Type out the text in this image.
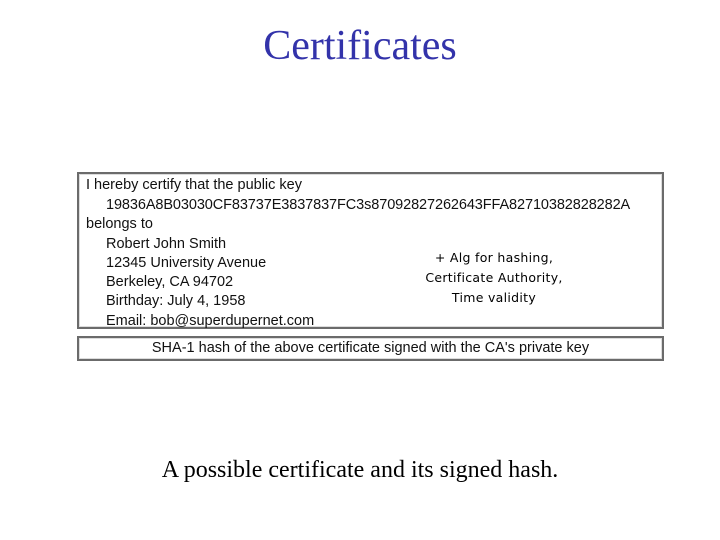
Certificates
I hereby certify that the public key
19836A8B03030CF83737E3837837FC3s87092827262643FFA82710382828282A
belongs to
Robert John Smith
12345 University Avenue
Berkeley, CA 94702
Birthday: July 4, 1958
Email: bob@superdupernet.com
+ Alg for hashing,
Certificate Authority,
Time validity
SHA-1 hash of the above certificate signed with the CA's private key
A possible certificate and its signed hash.
